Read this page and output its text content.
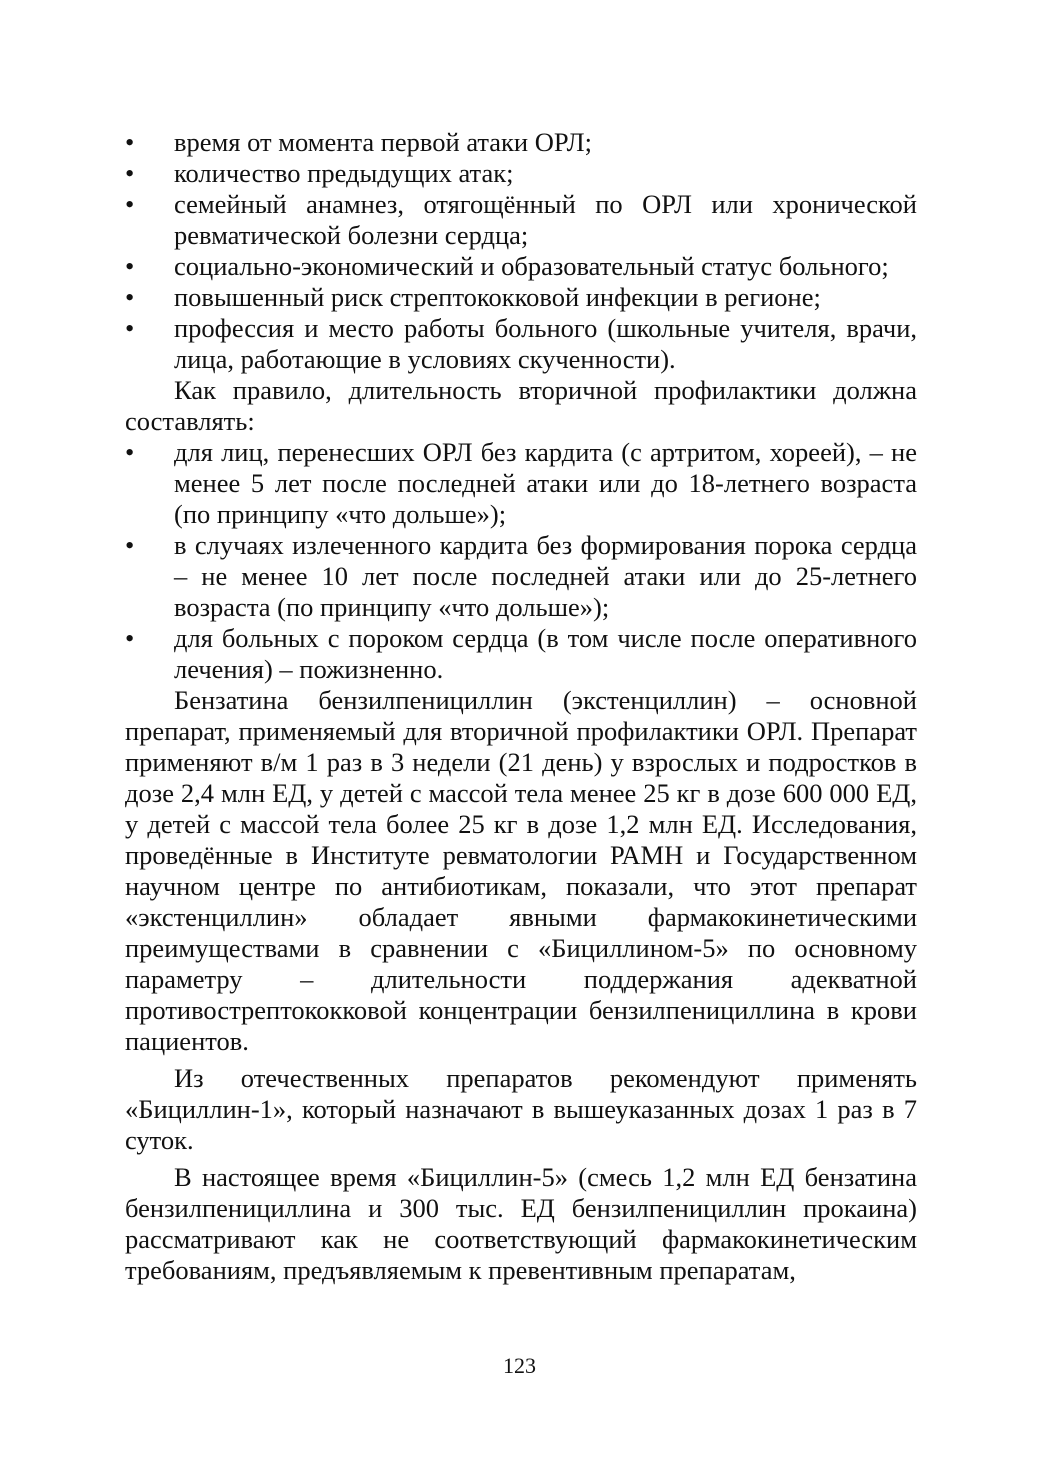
• время от момента первой атаки ОРЛ;
• количество предыдущих атак;
• семейный анамнез, отягощённый по ОРЛ или хронической ревматической болезни сердца;
• социально-экономический и образовательный статус больного;
• повышенный риск стрептококковой инфекции в регионе;
• профессия и место работы больного (школьные учителя, врачи, лица, работающие в условиях скученности).

Как правило, длительность вторичной профилактики должна составлять:

• для лиц, перенесших ОРЛ без кардита (с артритом, хореей), – не менее 5 лет после последней атаки или до 18-летнего возраста (по принципу «что дольше»);
• в случаях излеченного кардита без формирования порока сердца – не менее 10 лет после последней атаки или до 25-летнего возраста (по принципу «что дольше»);
• для больных с пороком сердца (в том числе после оперативного лечения) – пожизненно.

Бензатина бензилпенициллин (экстенциллин) – основной препарат, применяемый для вторичной профилактики ОРЛ. Препарат применяют в/м 1 раз в 3 недели (21 день) у взрослых и подростков в дозе 2,4 млн ЕД, у детей с массой тела менее 25 кг в дозе 600 000 ЕД, у детей с массой тела более 25 кг в дозе 1,2 млн ЕД. Исследования, проведённые в Институте ревматологии РАМН и Государственном научном центре по антибиотикам, показали, что этот препарат «экстенциллин» обладает явными фармакокинетическими преимуществами в сравнении с «Бициллином-5» по основному параметру – длительности поддержания адекватной противострептококковой концентрации бензилпенициллина в крови пациентов.

Из отечественных препаратов рекомендуют применять «Бициллин-1», который назначают в вышеуказанных дозах 1 раз в 7 суток.

В настоящее время «Бициллин-5» (смесь 1,2 млн ЕД бензатина бензилпенициллина и 300 тыс. ЕД бензилпенициллин прокаина) рассматривают как не соответствующий фармакокинетическим требованиям, предъявляемым к превентивным препаратам,

123
